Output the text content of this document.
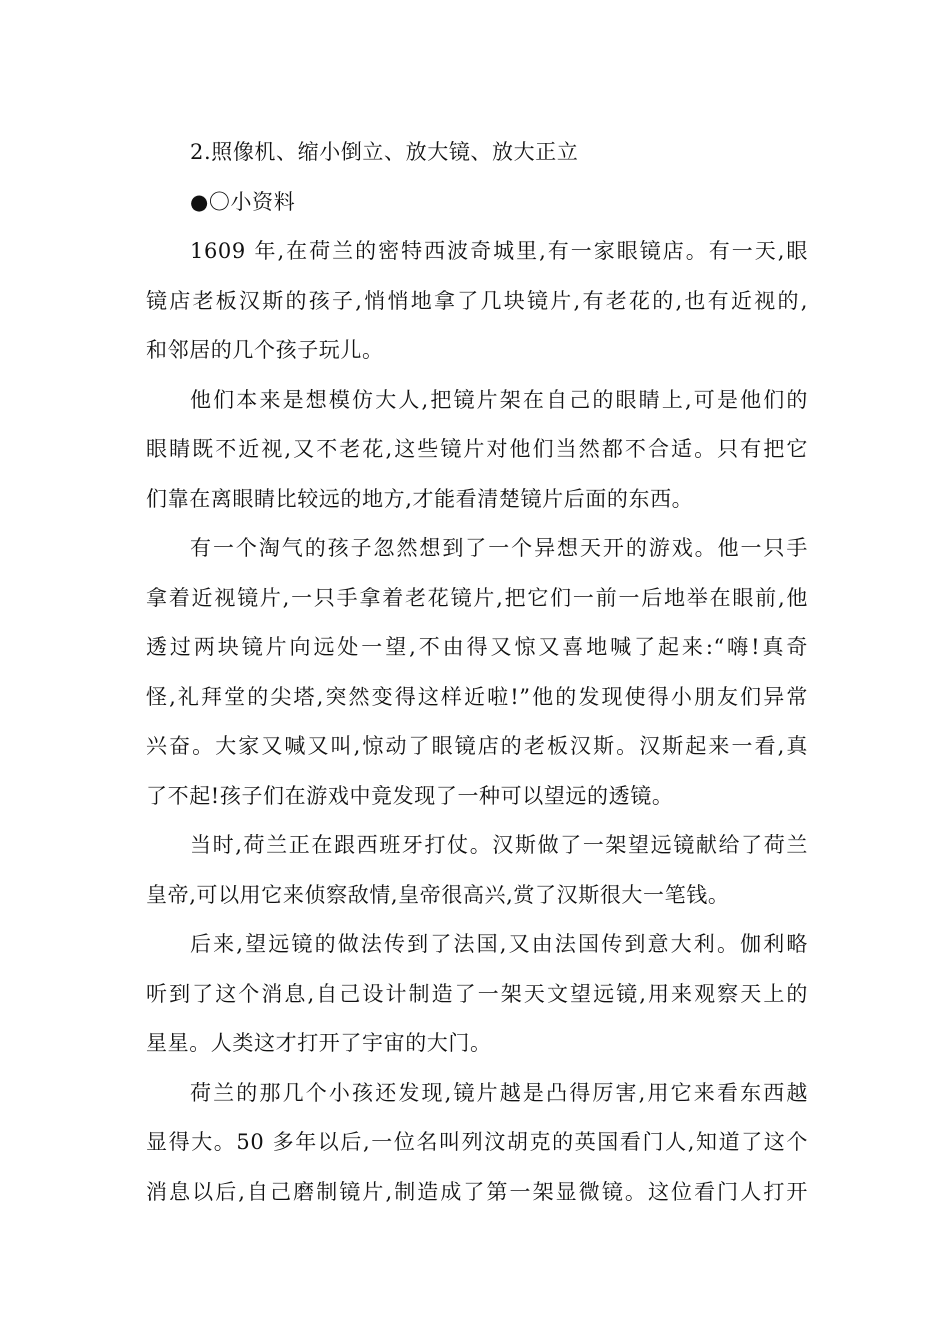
2.照像机、缩小倒立、放大镜、放大正立
●〇小资料
1609 年,在荷兰的密特西波奇城里,有一家眼镜店。有一天,眼
镜店老板汉斯的孩子,悄悄地拿了几块镜片,有老花的,也有近视的,
和邻居的几个孩子玩儿。
他们本来是想模仿大人,把镜片架在自己的眼睛上,可是他们的
眼睛既不近视,又不老花,这些镜片对他们当然都不合适。只有把它
们靠在离眼睛比较远的地方,才能看清楚镜片后面的东西。
有一个淘气的孩子忽然想到了一个异想天开的游戏。他一只手
拿着近视镜片,一只手拿着老花镜片,把它们一前一后地举在眼前,他
透过两块镜片向远处一望,不由得又惊又喜地喊了起来:“嗨!真奇
怪,礼拜堂的尖塔,突然变得这样近啦!”他的发现使得小朋友们异常
兴奋。大家又喊又叫,惊动了眼镜店的老板汉斯。汉斯起来一看,真
了不起!孩子们在游戏中竟发现了一种可以望远的透镜。
当时,荷兰正在跟西班牙打仗。汉斯做了一架望远镜献给了荷兰
皇帝,可以用它来侦察敌情,皇帝很高兴,赏了汉斯很大一笔钱。
后来,望远镜的做法传到了法国,又由法国传到意大利。伽利略
听到了这个消息,自己设计制造了一架天文望远镜,用来观察天上的
星星。人类这才打开了宇宙的大门。
荷兰的那几个小孩还发现,镜片越是凸得厉害,用它来看东西越
显得大。50 多年以后,一位名叫列汶胡克的英国看门人,知道了这个
消息以后,自己磨制镜片,制造成了第一架显微镜。这位看门人打开
